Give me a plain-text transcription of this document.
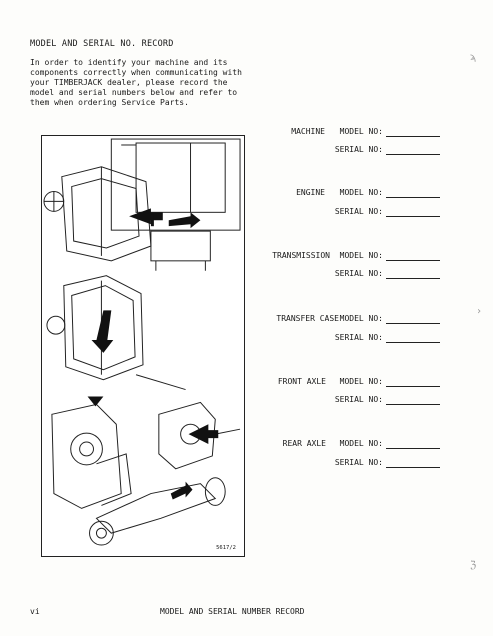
MODEL AND SERIAL NO. RECORD
In order to identify your machine and its
components correctly when communicating with
your TIMBERJACK dealer, please record the
model and serial numbers below and refer to
them when ordering Service Parts.
5617/2
MACHINE	MODEL NO:
SERIAL NO:
ENGINE	MODEL NO:
SERIAL NO:
TRANSMISSION	MODEL NO:
SERIAL NO:
TRANSFER CASE MODEL NO:
SERIAL NO:
FRONT AXLE	MODEL NO:
SERIAL NO:
REAR AXLE	MODEL NO:
SERIAL NO:
vi	MODEL AND SERIAL NUMBER RECORD
ϡ
›
ℨ
